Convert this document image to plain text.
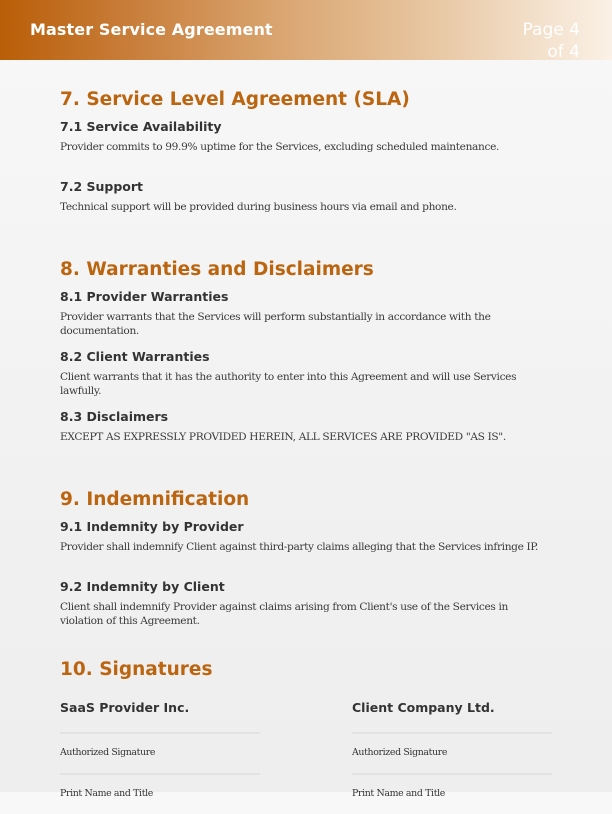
Master Service Agreement	Page 4
of 4
7. Service Level Agreement (SLA)
7.1 Service Availability
Provider commits to 99.9% uptime for the Services, excluding scheduled maintenance.
7.2 Support
Technical support will be provided during business hours via email and phone.
8. Warranties and Disclaimers
8.1 Provider Warranties
Provider warrants that the Services will perform substantially in accordance with the documentation.
8.2 Client Warranties
Client warrants that it has the authority to enter into this Agreement and will use Services lawfully.
8.3 Disclaimers
EXCEPT AS EXPRESSLY PROVIDED HEREIN, ALL SERVICES ARE PROVIDED "AS IS".
9. Indemnification
9.1 Indemnity by Provider
Provider shall indemnify Client against third-party claims alleging that the Services infringe IP.
9.2 Indemnity by Client
Client shall indemnify Provider against claims arising from Client's use of the Services in violation of this Agreement.
10. Signatures
SaaS Provider Inc.
Authorized Signature
Print Name and Title
Client Company Ltd.
Authorized Signature
Print Name and Title
